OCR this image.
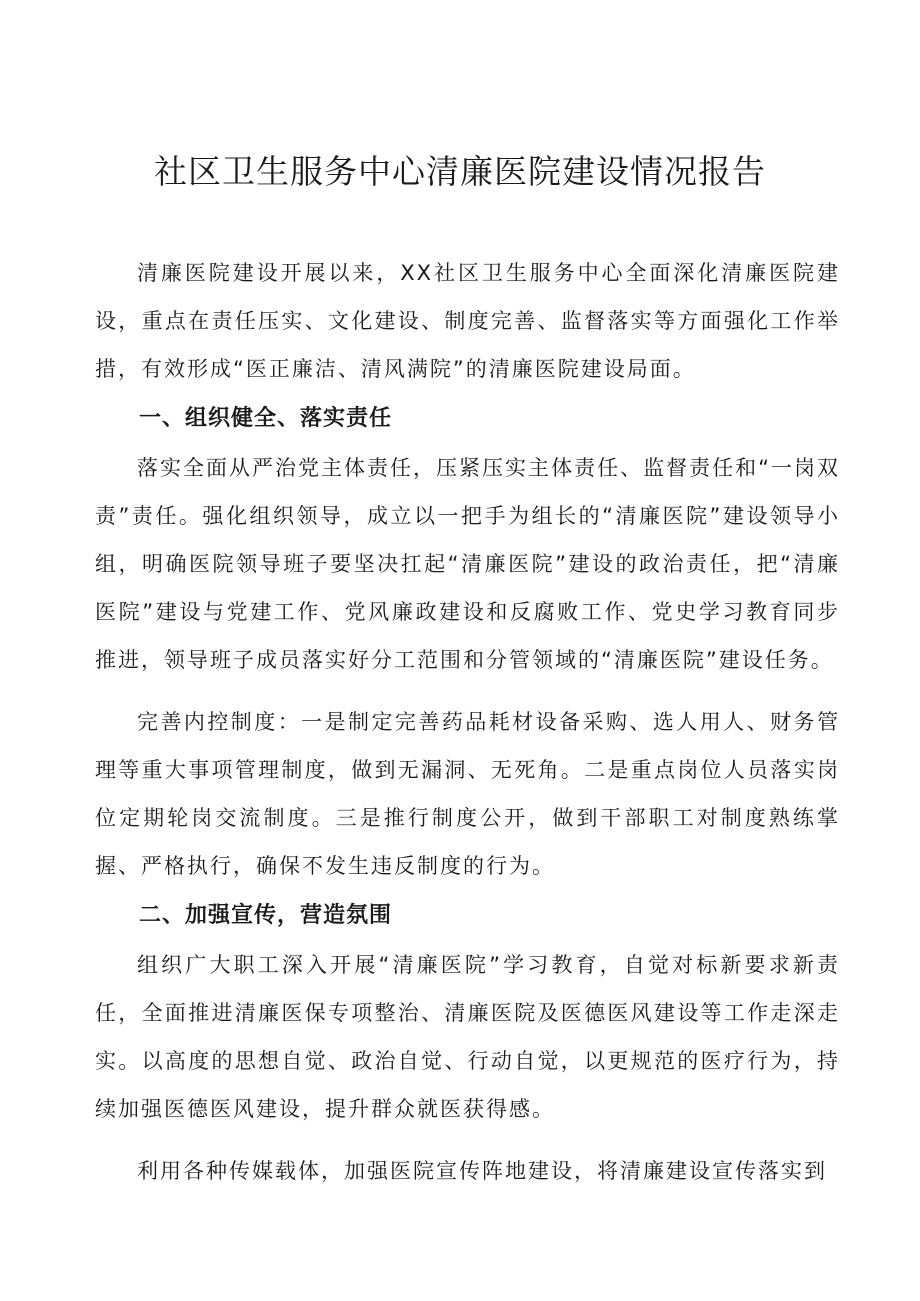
社区卫生服务中心清廉医院建设情况报告

清廉医院建设开展以来，XX社区卫生服务中心全面深化清廉医院建设，重点在责任压实、文化建设、制度完善、监督落实等方面强化工作举措，有效形成“医正廉洁、清风满院”的清廉医院建设局面。

一、组织健全、落实责任

落实全面从严治党主体责任，压紧压实主体责任、监督责任和“一岗双责”责任。强化组织领导，成立以一把手为组长的“清廉医院”建设领导小组，明确医院领导班子要坚决扛起“清廉医院”建设的政治责任，把“清廉医院”建设与党建工作、党风廉政建设和反腐败工作、党史学习教育同步推进，领导班子成员落实好分工范围和分管领域的“清廉医院”建设任务。

完善内控制度：一是制定完善药品耗材设备采购、选人用人、财务管理等重大事项管理制度，做到无漏洞、无死角。二是重点岗位人员落实岗位定期轮岗交流制度。三是推行制度公开，做到干部职工对制度熟练掌握、严格执行，确保不发生违反制度的行为。

二、加强宣传，营造氛围

组织广大职工深入开展“清廉医院”学习教育，自觉对标新要求新责任，全面推进清廉医保专项整治、清廉医院及医德医风建设等工作走深走实。以高度的思想自觉、政治自觉、行动自觉，以更规范的医疗行为，持续加强医德医风建设，提升群众就医获得感。

利用各种传媒载体，加强医院宣传阵地建设，将清廉建设宣传落实到
